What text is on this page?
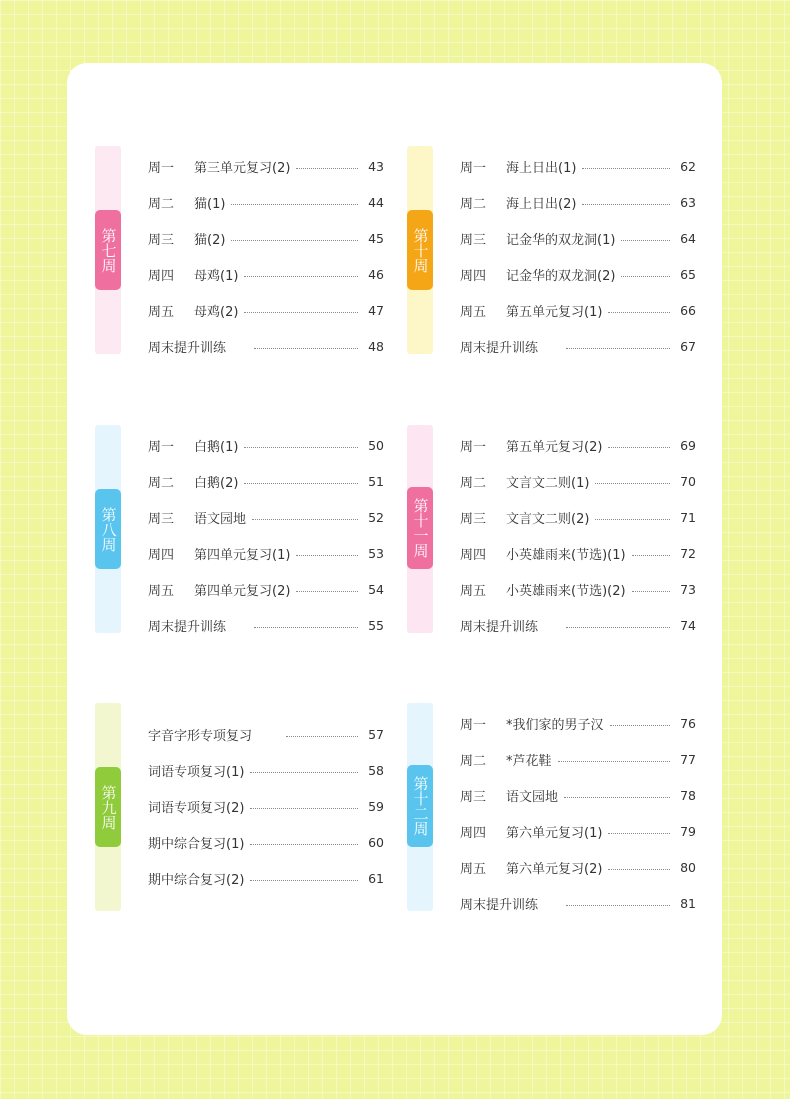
第七周
周一	第三单元复习(2)	43
周二	猫(1)	44
周三	猫(2)	45
周四	母鸡(1)	46
周五	母鸡(2)	47
周末提升训练	48
第八周
周一	白鹅(1)	50
周二	白鹅(2)	51
周三	语文园地	52
周四	第四单元复习(1)	53
周五	第四单元复习(2)	54
周末提升训练	55
第九周
字音字形专项复习	57
词语专项复习(1)	58
词语专项复习(2)	59
期中综合复习(1)	60
期中综合复习(2)	61
第十周
周一	海上日出(1)	62
周二	海上日出(2)	63
周三	记金华的双龙洞(1)	64
周四	记金华的双龙洞(2)	65
周五	第五单元复习(1)	66
周末提升训练	67
第十一周
周一	第五单元复习(2)	69
周二	文言文二则(1)	70
周三	文言文二则(2)	71
周四	小英雄雨来(节选)(1)	72
周五	小英雄雨来(节选)(2)	73
周末提升训练	74
第十二周
周一	*我们家的男子汉	76
周二	*芦花鞋	77
周三	语文园地	78
周四	第六单元复习(1)	79
周五	第六单元复习(2)	80
周末提升训练	81
